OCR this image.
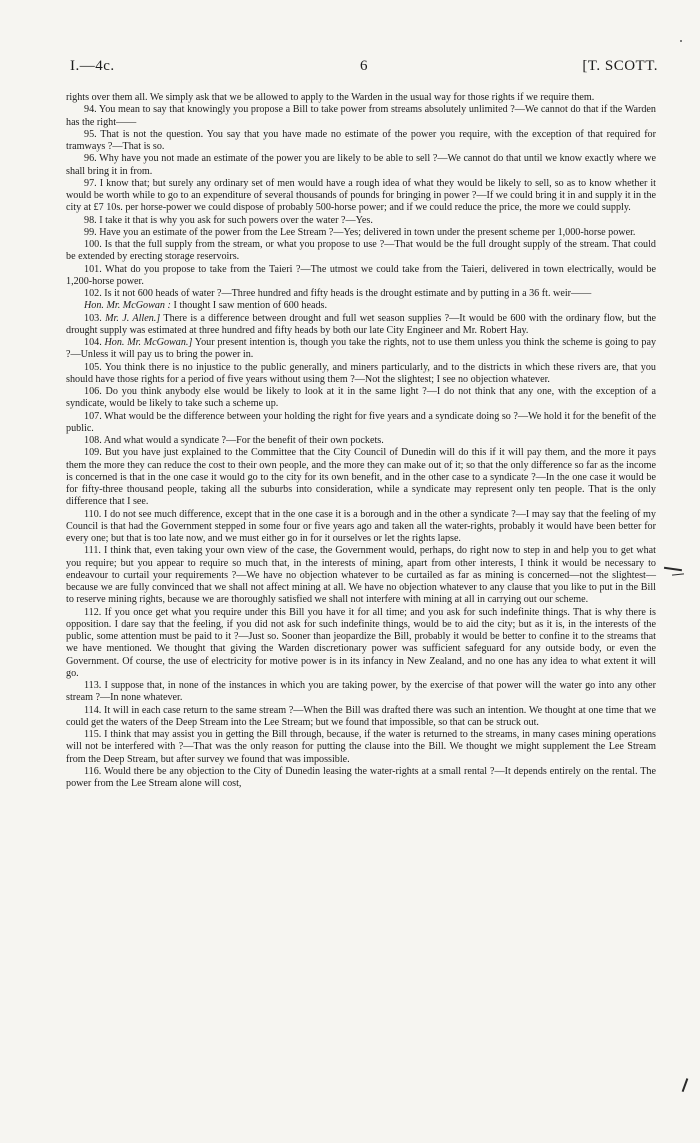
I.—4c.	6	[T. SCOTT.

rights over them all. We simply ask that we be allowed to apply to the Warden in the usual way for those rights if we require them.

94. You mean to say that knowingly you propose a Bill to take power from streams absolutely unlimited ?—We cannot do that if the Warden has the right——

95. That is not the question. You say that you have made no estimate of the power you require, with the exception of that required for tramways ?—That is so.

96. Why have you not made an estimate of the power you are likely to be able to sell ?—We cannot do that until we know exactly where we shall bring it in from.

97. I know that; but surely any ordinary set of men would have a rough idea of what they would be likely to sell, so as to know whether it would be worth while to go to an expenditure of several thousands of pounds for bringing in power ?—If we could bring it in and supply it in the city at £7 10s. per horse-power we could dispose of probably 500-horse power; and if we could reduce the price, the more we could supply.

98. I take it that is why you ask for such powers over the water ?—Yes.

99. Have you an estimate of the power from the Lee Stream ?—Yes; delivered in town under the present scheme per 1,000-horse power.

100. Is that the full supply from the stream, or what you propose to use ?—That would be the full drought supply of the stream. That could be extended by erecting storage reservoirs.

101. What do you propose to take from the Taieri ?—The utmost we could take from the Taieri, delivered in town electrically, would be 1,200-horse power.

102. Is it not 600 heads of water ?—Three hundred and fifty heads is the drought estimate and by putting in a 36 ft. weir——

Hon. Mr. McGowan : I thought I saw mention of 600 heads.

103. Mr. J. Allen.] There is a difference between drought and full wet season supplies ?—It would be 600 with the ordinary flow, but the drought supply was estimated at three hundred and fifty heads by both our late City Engineer and Mr. Robert Hay.

104. Hon. Mr. McGowan.] Your present intention is, though you take the rights, not to use them unless you think the scheme is going to pay ?—Unless it will pay us to bring the power in.

105. You think there is no injustice to the public generally, and miners particularly, and to the districts in which these rivers are, that you should have those rights for a period of five years without using them ?—Not the slightest; I see no objection whatever.

106. Do you think anybody else would be likely to look at it in the same light ?—I do not think that any one, with the exception of a syndicate, would be likely to take such a scheme up.

107. What would be the difference between your holding the right for five years and a syndicate doing so ?—We hold it for the benefit of the public.

108. And what would a syndicate ?—For the benefit of their own pockets.

109. But you have just explained to the Committee that the City Council of Dunedin will do this if it will pay them, and the more it pays them the more they can reduce the cost to their own people, and the more they can make out of it; so that the only difference so far as the income is concerned is that in the one case it would go to the city for its own benefit, and in the other case to a syndicate ?—In the one case it would be for fifty-three thousand people, taking all the suburbs into consideration, while a syndicate may represent only ten people. That is the only difference that I see.

110. I do not see much difference, except that in the one case it is a borough and in the other a syndicate ?—I may say that the feeling of my Council is that had the Government stepped in some four or five years ago and taken all the water-rights, probably it would have been better for every one; but that is too late now, and we must either go in for it ourselves or let the rights lapse.

111. I think that, even taking your own view of the case, the Government would, perhaps, do right now to step in and help you to get what you require; but you appear to require so much that, in the interests of mining, apart from other interests, I think it would be necessary to endeavour to curtail your requirements ?—We have no objection whatever to be curtailed as far as mining is concerned—not the slightest—because we are fully convinced that we shall not affect mining at all. We have no objection whatever to any clause that you like to put in the Bill to reserve mining rights, because we are thoroughly satisfied we shall not interfere with mining at all in carrying out our scheme.

112. If you once get what you require under this Bill you have it for all time; and you ask for such indefinite things. That is why there is opposition. I dare say that the feeling, if you did not ask for such indefinite things, would be to aid the city; but as it is, in the interests of the public, some attention must be paid to it ?—Just so. Sooner than jeopardize the Bill, probably it would be better to confine it to the streams that we have mentioned. We thought that giving the Warden discretionary power was sufficient safeguard for any outside body, or even the Government. Of course, the use of electricity for motive power is in its infancy in New Zealand, and no one has any idea to what extent it will go.

113. I suppose that, in none of the instances in which you are taking power, by the exercise of that power will the water go into any other stream ?—In none whatever.

114. It will in each case return to the same stream ?—When the Bill was drafted there was such an intention. We thought at one time that we could get the waters of the Deep Stream into the Lee Stream; but we found that impossible, so that can be struck out.

115. I think that may assist you in getting the Bill through, because, if the water is returned to the streams, in many cases mining operations will not be interfered with ?—That was the only reason for putting the clause into the Bill. We thought we might supplement the Lee Stream from the Deep Stream, but after survey we found that was impossible.

116. Would there be any objection to the City of Dunedin leasing the water-rights at a small rental ?—It depends entirely on the rental. The power from the Lee Stream alone will cost,
